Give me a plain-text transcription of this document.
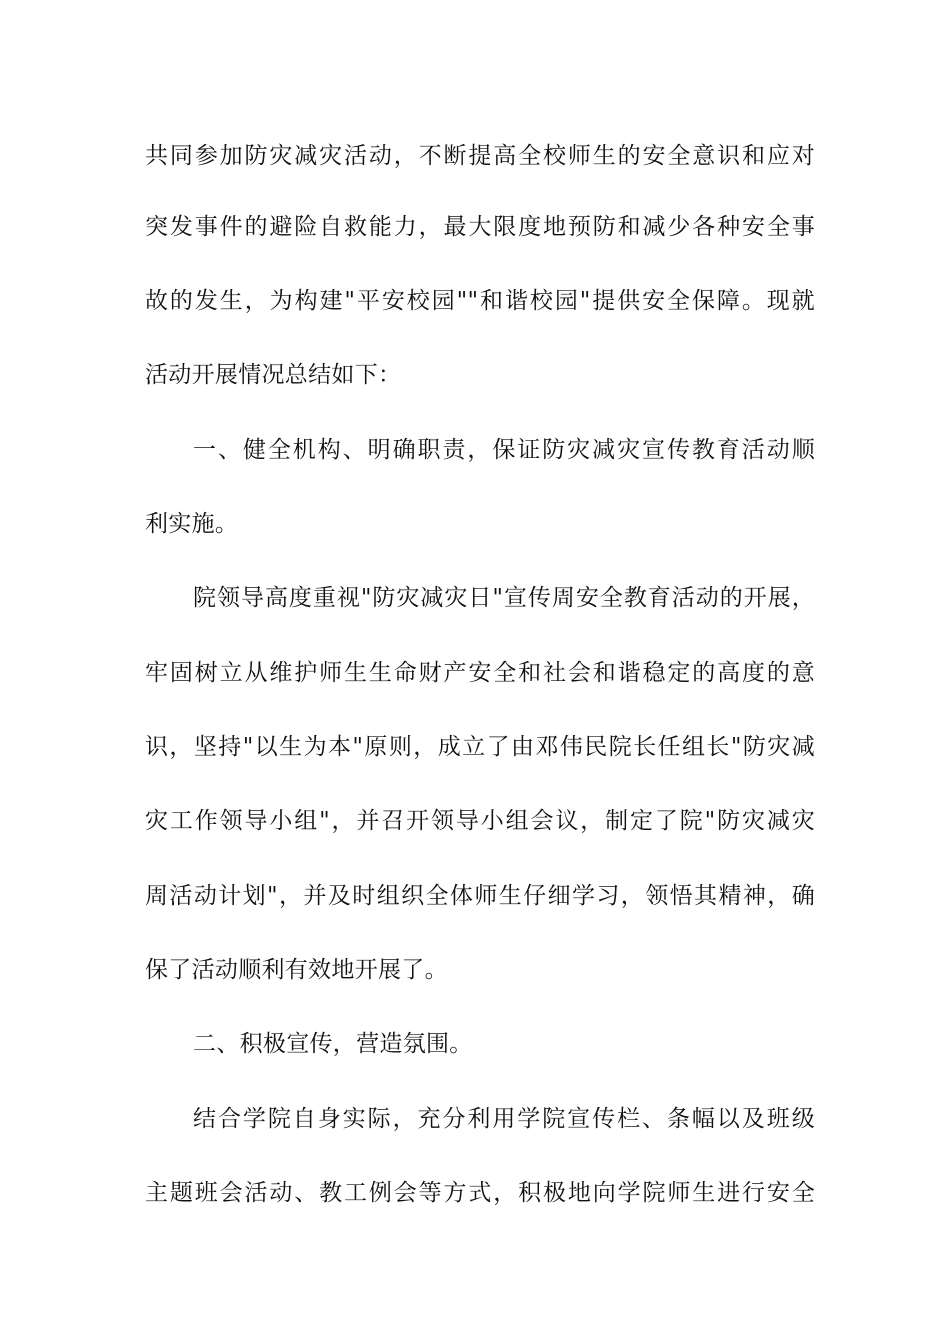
共同参加防灾减灾活动，不断提高全校师生的安全意识和应对
突发事件的避险自救能力，最大限度地预防和减少各种安全事
故的发生，为构建"平安校园""和谐校园"提供安全保障。现就
活动开展情况总结如下：
一、健全机构、明确职责，保证防灾减灾宣传教育活动顺
利实施。
院领导高度重视"防灾减灾日"宣传周安全教育活动的开展，
牢固树立从维护师生生命财产安全和社会和谐稳定的高度的意
识，坚持"以生为本"原则，成立了由邓伟民院长任组长"防灾减
灾工作领导小组"，并召开领导小组会议，制定了院"防灾减灾
周活动计划"，并及时组织全体师生仔细学习，领悟其精神，确
保了活动顺利有效地开展了。
二、积极宣传，营造氛围。
结合学院自身实际，充分利用学院宣传栏、条幅以及班级
主题班会活动、教工例会等方式，积极地向学院师生进行安全
